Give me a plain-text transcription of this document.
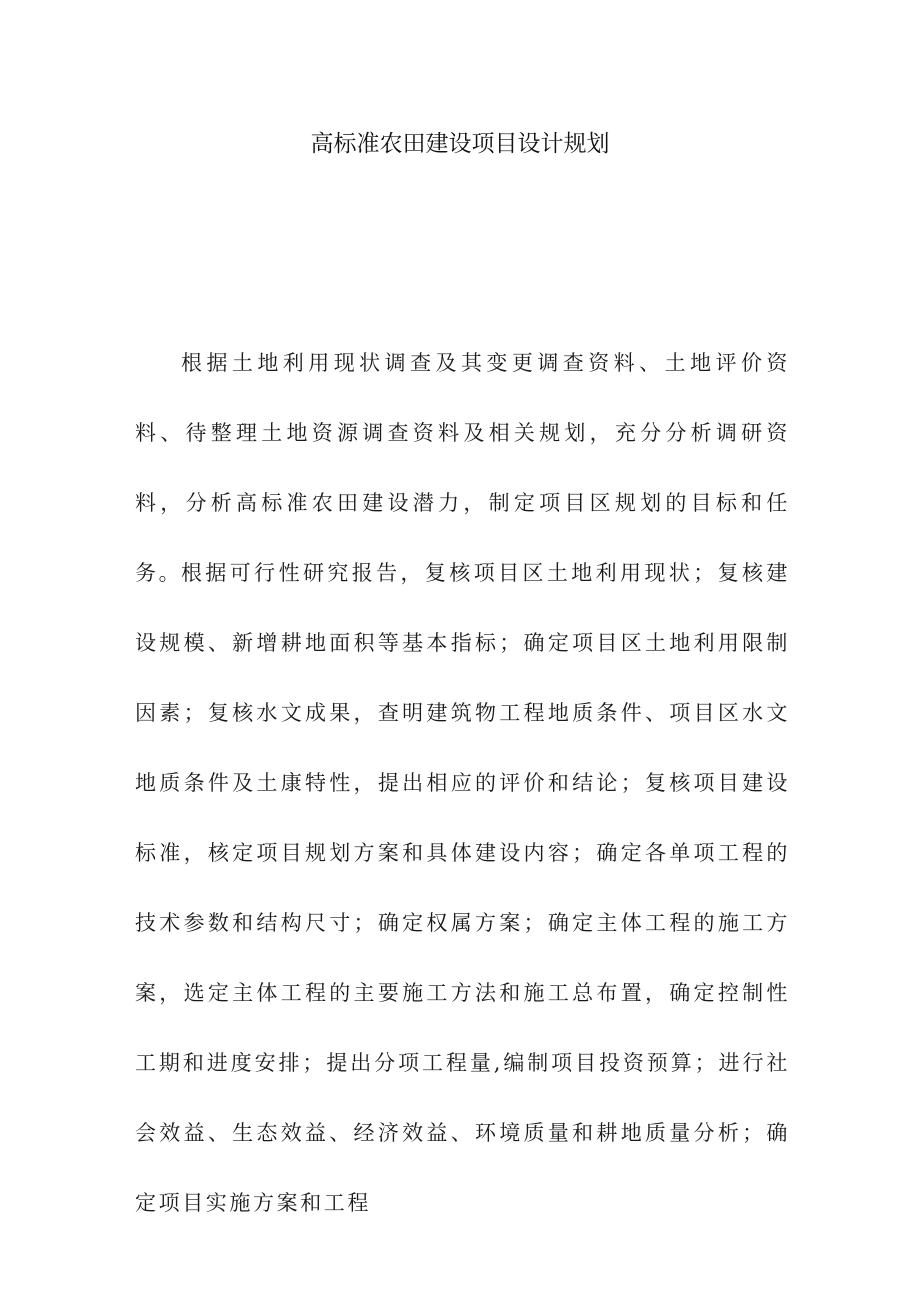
高标准农田建设项目设计规划

根据土地利用现状调查及其变更调查资料、土地评价资料、待整理土地资源调查资料及相关规划，充分分析调研资料，分析高标准农田建设潜力，制定项目区规划的目标和任务。

根据可行性研究报告，复核项目区土地利用现状；复核建设规模、新增耕地面积等基本指标；确定项目区土地利用限制因素；复核水文成果，查明建筑物工程地质条件、项目区水文地质条件及土康特性，提出相应的评价和结论；复核项目建设标准，核定项目规划方案和具体建设内容；确定各单项工程的技术参数和结构尺寸；确定权属方案；确定主体工程的施工方案，选定主体工程的主要施工方法和施工总布置，确定控制性工期和进度安排；提出分项工程量,编制项目投资预算；进行社会效益、生态效益、经济效益、环境质量和耕地质量分析；确定项目实施方案和工程
